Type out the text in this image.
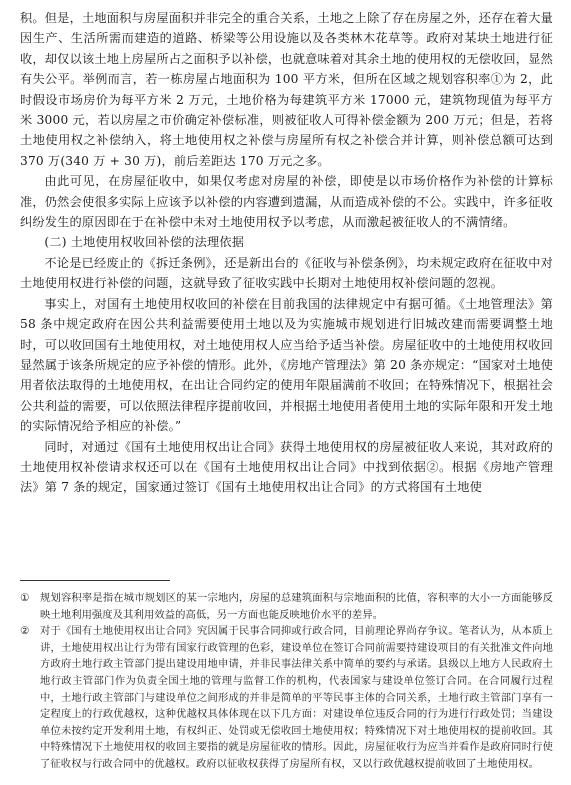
积。但是，土地面积与房屋面积并非完全的重合关系，土地之上除了存在房屋之外，还存在着大量因生产、生活所需而建造的道路、桥梁等公用设施以及各类林木花草等。政府对某块土地进行征收，却仅以该土地上房屋所占之面积予以补偿，也就意味着对其余土地的使用权的无偿收回，显然有失公平。举例而言，若一栋房屋占地面积为 100 平方米，但所在区域之规划容积率①为 2，此时假设市场房价为每平方米 2 万元，土地价格为每建筑平方米 17000 元，建筑物现值为每平方米 3000 元，若以房屋之市价确定补偿标准，则被征收人可得补偿金额为 200 万元；但是，若将土地使用权之补偿纳入，将土地使用权之补偿与房屋所有权之补偿合并计算，则补偿总额可达到 370 万(340 万 + 30 万)，前后差距达 170 万元之多。

由此可见，在房屋征收中，如果仅考虑对房屋的补偿，即使是以市场价格作为补偿的计算标准，仍然会使很多实际上应该予以补偿的内容遭到遗漏，从而造成补偿的不公。实践中，许多征收纠纷发生的原因即在于在补偿中未对土地使用权予以考虑，从而激起被征收人的不满情绪。

(二) 土地使用权收回补偿的法理依据

不论是已经废止的《拆迁条例》，还是新出台的《征收与补偿条例》，均未规定政府在征收中对土地使用权进行补偿的问题，这就导致了征收实践中长期对土地使用权补偿问题的忽视。

事实上，对国有土地使用权收回的补偿在目前我国的法律规定中有据可循。《土地管理法》第 58 条中规定政府在因公共利益需要使用土地以及为实施城市规划进行旧城改建而需要调整土地时，可以收回国有土地使用权，对土地使用权人应当给予适当补偿。房屋征收中的土地使用权收回显然属于该条所规定的应予补偿的情形。此外，《房地产管理法》第 20 条亦规定：“国家对土地使用者依法取得的土地使用权，在出让合同约定的使用年限届满前不收回；在特殊情况下，根据社会公共利益的需要，可以依照法律程序提前收回，并根据土地使用者使用土地的实际年限和开发土地的实际情况给予相应的补偿。”

同时，对通过《国有土地使用权出让合同》获得土地使用权的房屋被征收人来说，其对政府的土地使用权补偿请求权还可以在《国有土地使用权出让合同》中找到依据②。根据《房地产管理法》第 7 条的规定，国家通过签订《国有土地使用权出让合同》的方式将国有土地使

① 规划容积率是指在城市规划区的某一宗地内，房屋的总建筑面积与宗地面积的比值，容积率的大小一方面能够反映土地利用强度及其利用效益的高低，另一方面也能反映地价水平的差异。

② 对于《国有土地使用权出让合同》究因属于民事合同抑或行政合同，目前理论界尚存争议。笔者认为，从本质上讲，土地使用权出让行为带有国家行政管理的色彩，建设单位在签订合同前需要持建设项目的有关批准文件向地方政府土地行政主管部门提出建设用地申请，并非民事法律关系中简单的要约与承诺。县级以上地方人民政府土地行政主管部门作为负责全国土地的管理与监督工作的机构，代表国家与建设单位签订合同。在合同履行过程中，土地行政主管部门与建设单位之间形成的并非是简单的平等民事主体的合同关系，土地行政主管部门享有一定程度上的行政优越权，这种优越权具体体现在以下几方面：对建设单位违反合同的行为进行行政处罚；当建设单位未按约定开发利用土地，有权纠正、处罚或无偿收回土地使用权；特殊情况下对土地使用权的提前收回。其中特殊情况下土地使用权的收回主要指的就是房屋征收的情形。因此，房屋征收行为应当并看作是政府同时行使了征收权与行政合同中的优越权。政府以征收权获得了房屋所有权，又以行政优越权提前收回了土地使用权。
